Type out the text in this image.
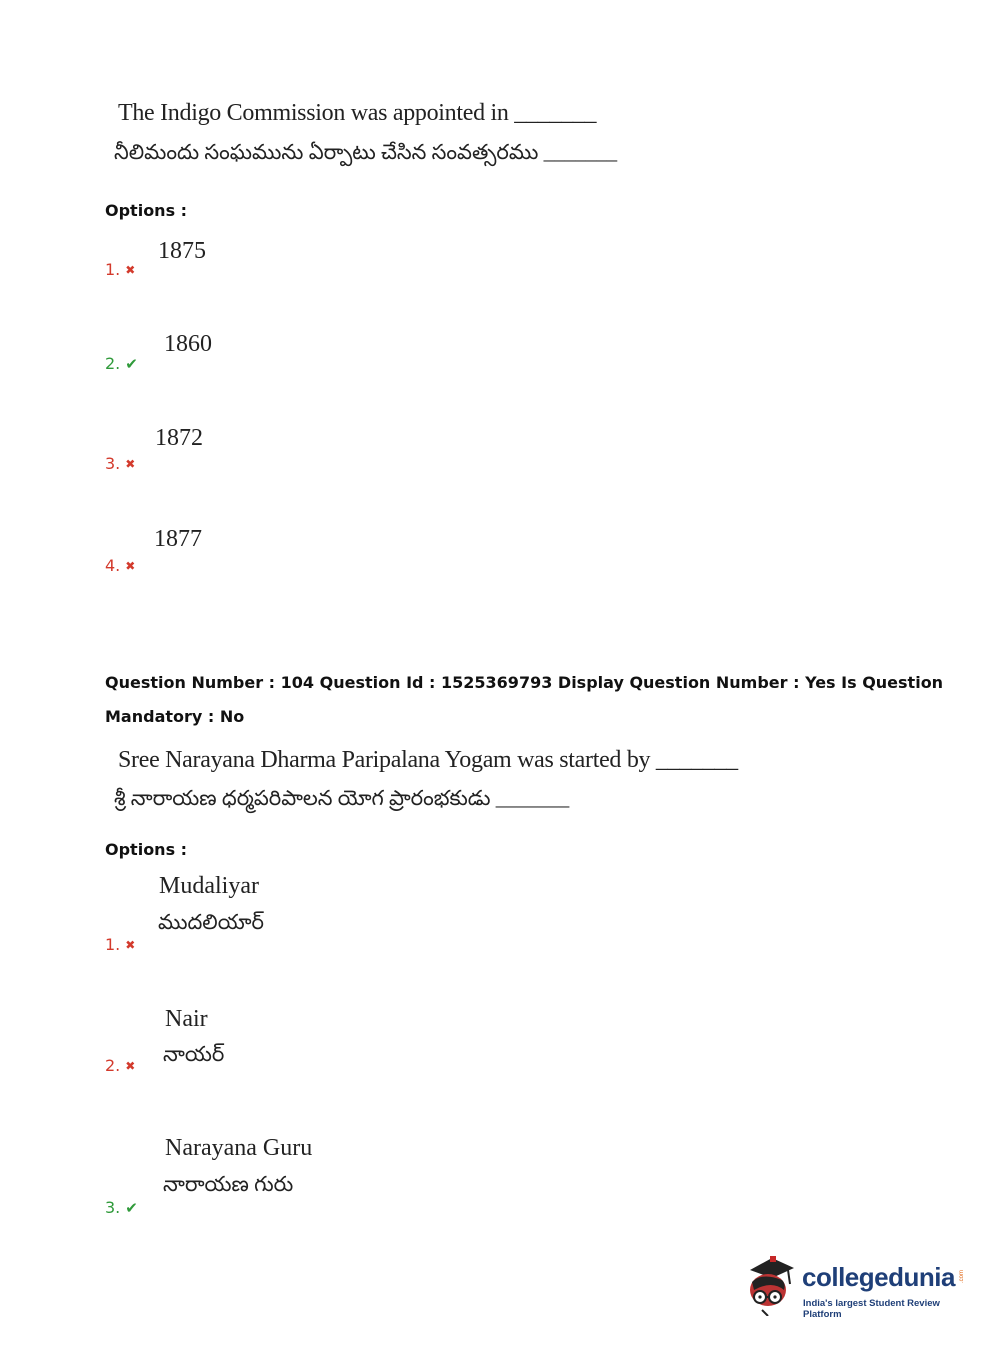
The Indigo Commission was appointed in _______
నీలిమందు సంఘమును ఏర్పాటు చేసిన సంవత్సరము _______
Options :
1875
1. ✖
1860
2. ✔
1872
3. ✖
1877
4. ✖
Question Number : 104 Question Id : 1525369793 Display Question Number : Yes Is Question
Mandatory : No
Sree Narayana Dharma Paripalana Yogam was started by _______
శ్రీ నారాయణ ధర్మపరిపాలన యోగ ప్రారంభకుడు _______
Options :
Mudaliyar
ముదలియార్
1. ✖
Nair
నాయర్
2. ✖
Narayana Guru
నారాయణ గురు
3. ✔
collegedunia .com
India's largest Student Review Platform
